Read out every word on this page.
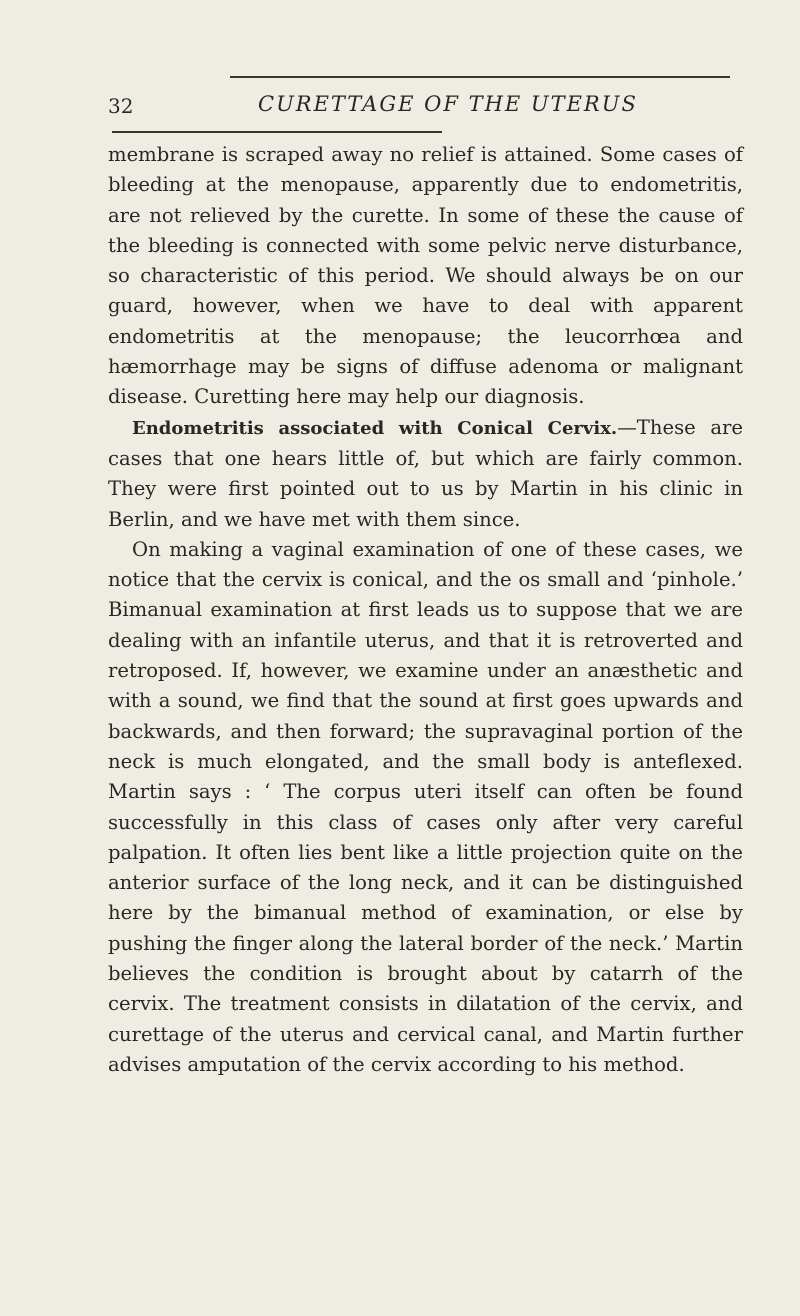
32	CURETTAGE OF THE UTERUS

membrane is scraped away no relief is attained. Some cases of bleeding at the menopause, apparently due to endometritis, are not relieved by the curette. In some of these the cause of the bleeding is connected with some pelvic nerve disturbance, so characteristic of this period. We should always be on our guard, however, when we have to deal with apparent endometritis at the menopause; the leucorrhœa and hæmorrhage may be signs of diffuse adenoma or malignant disease. Curetting here may help our diagnosis.

Endometritis associated with Conical Cervix.—These are cases that one hears little of, but which are fairly common. They were first pointed out to us by Martin in his clinic in Berlin, and we have met with them since.

On making a vaginal examination of one of these cases, we notice that the cervix is conical, and the os small and ‘pinhole.’ Bimanual examination at first leads us to suppose that we are dealing with an infantile uterus, and that it is retroverted and retroposed. If, however, we examine under an anæsthetic and with a sound, we find that the sound at first goes upwards and backwards, and then forward; the supravaginal portion of the neck is much elongated, and the small body is anteflexed. Martin says : ‘ The corpus uteri itself can often be found successfully in this class of cases only after very careful palpation. It often lies bent like a little projection quite on the anterior surface of the long neck, and it can be distinguished here by the bimanual method of examination, or else by pushing the finger along the lateral border of the neck.’ Martin believes the condition is brought about by catarrh of the cervix. The treatment consists in dilatation of the cervix, and curettage of the uterus and cervical canal, and Martin further advises amputation of the cervix according to his method.
